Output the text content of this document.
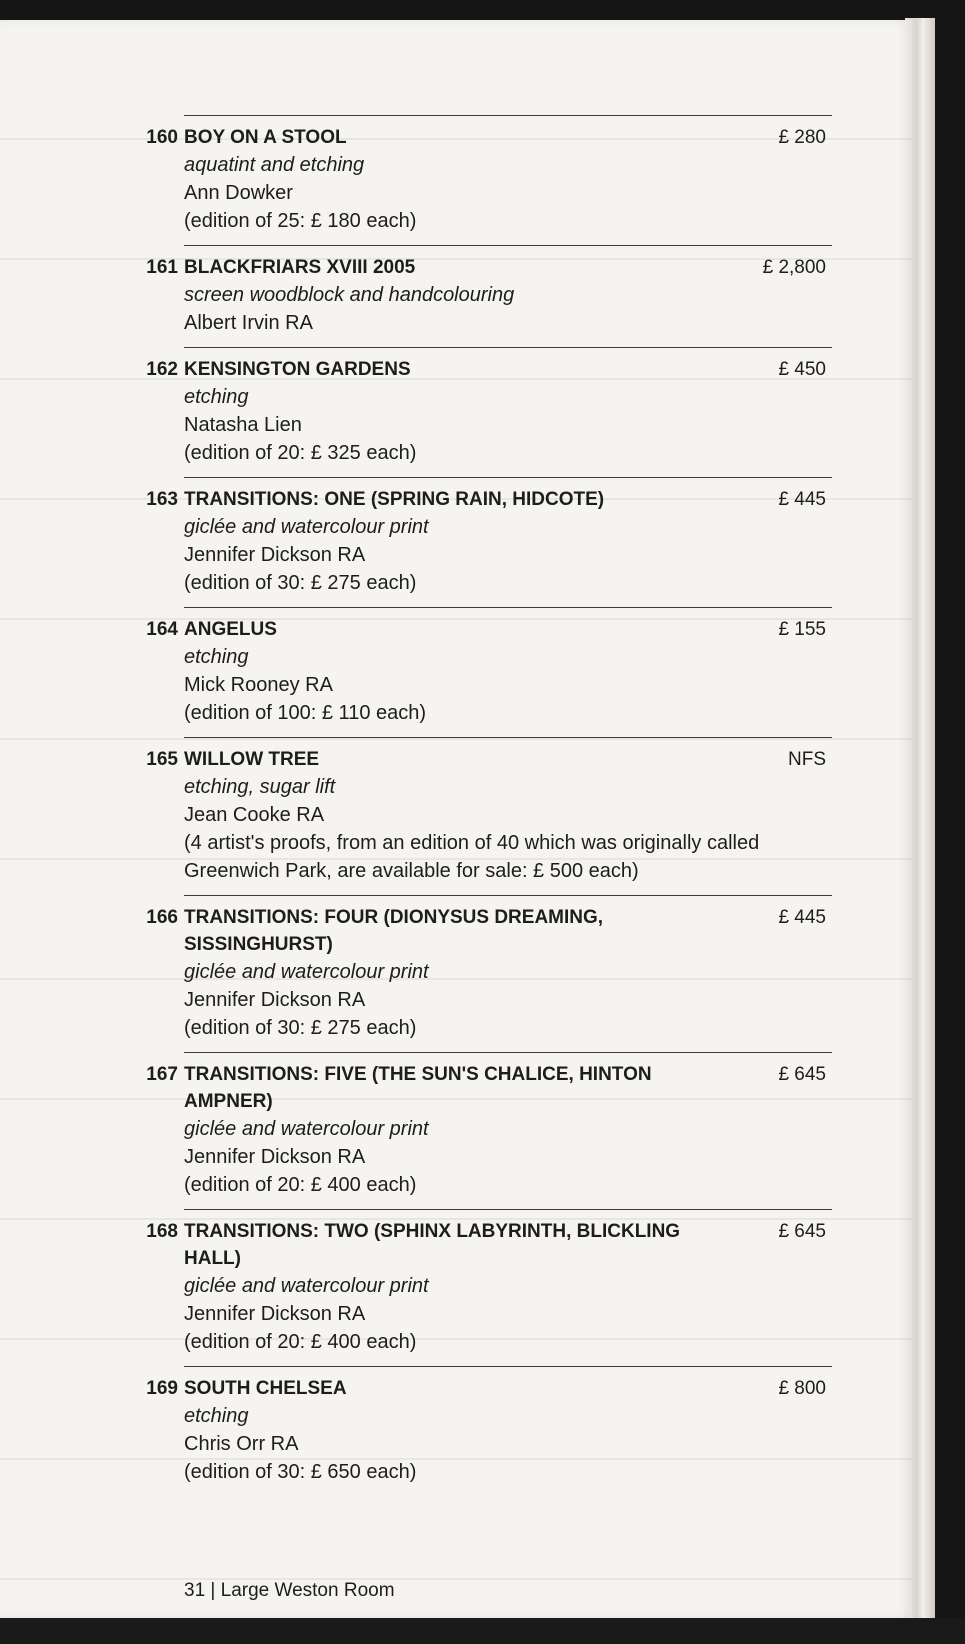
160 BOY ON A STOOL
aquatint and etching
Ann Dowker
(edition of 25: £ 180 each)
£ 280
161 BLACKFRIARS XVIII 2005
screen woodblock and handcolouring
Albert Irvin RA
£ 2,800
162 KENSINGTON GARDENS
etching
Natasha Lien
(edition of 20: £ 325 each)
£ 450
163 TRANSITIONS: ONE (SPRING RAIN, HIDCOTE)
giclée and watercolour print
Jennifer Dickson RA
(edition of 30: £ 275 each)
£ 445
164 ANGELUS
etching
Mick Rooney RA
(edition of 100: £ 110 each)
£ 155
165 WILLOW TREE
etching, sugar lift
Jean Cooke RA
(4 artist's proofs, from an edition of 40 which was originally called Greenwich Park, are available for sale: £ 500 each)
NFS
166 TRANSITIONS: FOUR (DIONYSUS DREAMING, SISSINGHURST)
giclée and watercolour print
Jennifer Dickson RA
(edition of 30: £ 275 each)
£ 445
167 TRANSITIONS: FIVE (THE SUN'S CHALICE, HINTON AMPNER)
giclée and watercolour print
Jennifer Dickson RA
(edition of 20: £ 400 each)
£ 645
168 TRANSITIONS: TWO (SPHINX LABYRINTH, BLICKLING HALL)
giclée and watercolour print
Jennifer Dickson RA
(edition of 20: £ 400 each)
£ 645
169 SOUTH CHELSEA
etching
Chris Orr RA
(edition of 30: £ 650 each)
£ 800
31 | Large Weston Room
